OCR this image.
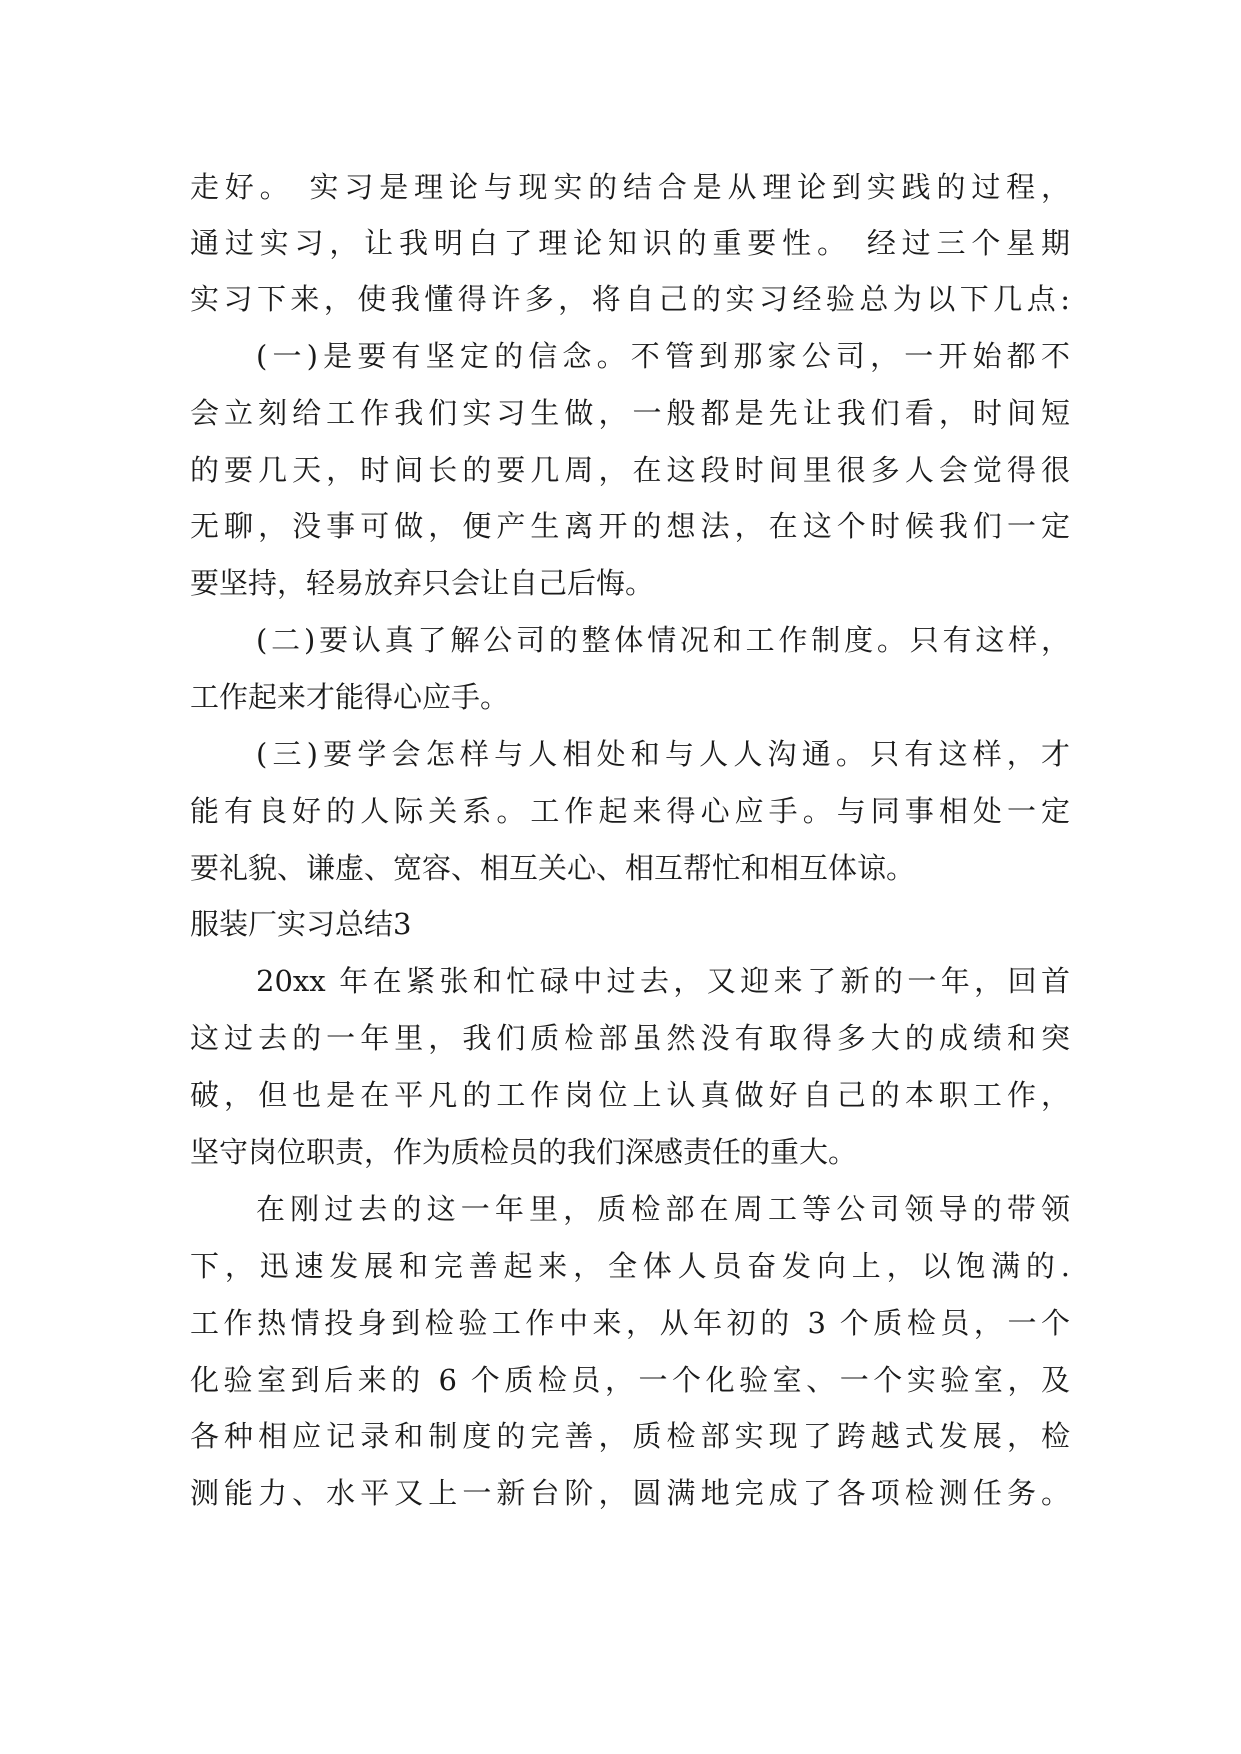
走好。 实习是理论与现实的结合是从理论到实践的过程，
通过实习，让我明白了理论知识的重要性。 经过三个星期
实习下来，使我懂得许多，将自己的实习经验总为以下几点:
(一)是要有坚定的信念。不管到那家公司，一开始都不
会立刻给工作我们实习生做，一般都是先让我们看，时间短
的要几天，时间长的要几周，在这段时间里很多人会觉得很
无聊，没事可做，便产生离开的想法，在这个时候我们一定
要坚持，轻易放弃只会让自己后悔。
(二)要认真了解公司的整体情况和工作制度。只有这样，
工作起来才能得心应手。
(三)要学会怎样与人相处和与人人沟通。只有这样，才
能有良好的人际关系。工作起来得心应手。与同事相处一定
要礼貌、谦虚、宽容、相互关心、相互帮忙和相互体谅。
服装厂实习总结3
20xx 年在紧张和忙碌中过去，又迎来了新的一年，回首
这过去的一年里，我们质检部虽然没有取得多大的成绩和突
破，但也是在平凡的工作岗位上认真做好自己的本职工作，
坚守岗位职责，作为质检员的我们深感责任的重大。
在刚过去的这一年里，质检部在周工等公司领导的带领
下，迅速发展和完善起来，全体人员奋发向上，以饱满的.
工作热情投身到检验工作中来，从年初的 3 个质检员，一个
化验室到后来的 6 个质检员，一个化验室、一个实验室，及
各种相应记录和制度的完善，质检部实现了跨越式发展，检
测能力、水平又上一新台阶，圆满地完成了各项检测任务。
